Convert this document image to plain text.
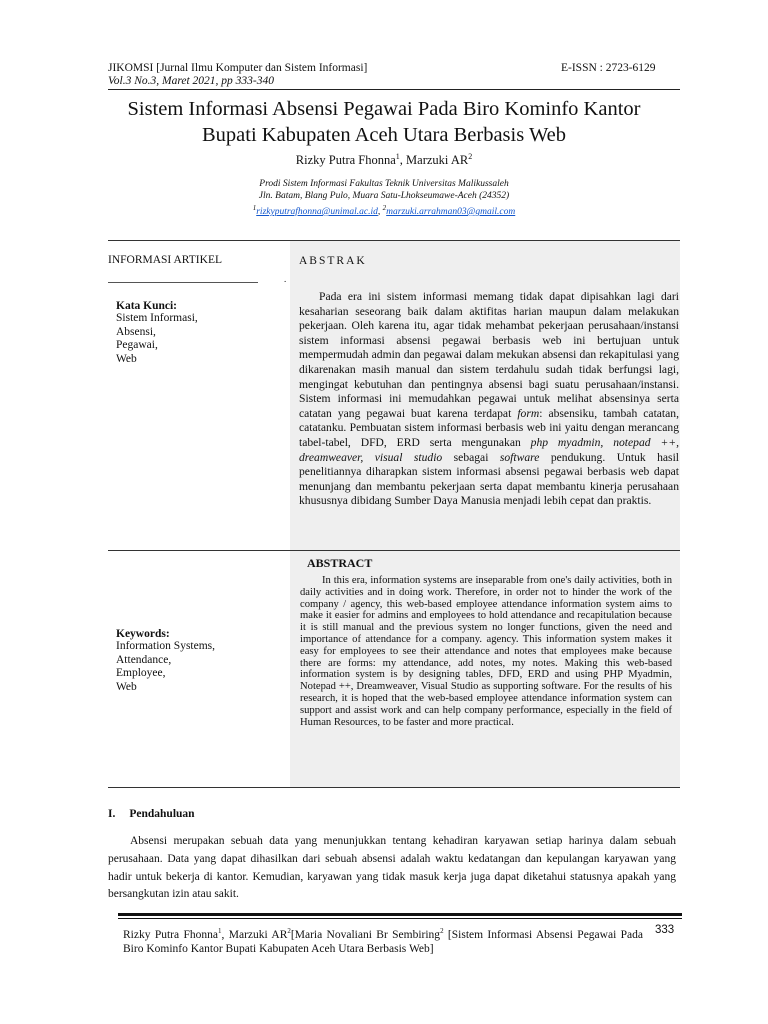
JIKOMSI [Jurnal Ilmu Komputer dan Sistem Informasi]
Vol.3 No.3, Maret 2021, pp 333-340
E-ISSN : 2723-6129
Sistem Informasi Absensi Pegawai Pada Biro Kominfo Kantor
Bupati Kabupaten Aceh Utara Berbasis Web
Rizky Putra Fhonna$^1$, Marzuki $AR^2$
Prodi Sistem Informasi Fakultas Teknik Universitas Malikussaleh
Jln. Batam, Blang Pulo, Muara Satu-Lhokseumawe-Aceh (24352)
$^1$rizkyputrafhonna@unimal.ac.id, $^2$marzuki.arrahman03@gmail.com
INFORMASI ARTIKEL	ABSTRAK
.
Kata Kunci:
Sistem Informasi,
Absensi,
Pegawai,
Web
Pada era ini sistem informasi memang tidak dapat dipisahkan lagi dari kesaharian seseorang baik dalam aktifitas harian maupun dalam melakukan pekerjaan. Oleh karena itu, agar tidak mehambat pekerjaan perusahaan/instansi sistem informasi absensi pegawai berbasis web ini bertujuan untuk mempermudah admin dan pegawai dalam mekukan absensi dan rekapitulasi yang dikarenakan masih manual dan sistem terdahulu sudah tidak berfungsi lagi, mengingat kebutuhan dan pentingnya absensi bagi suatu perusahaan/instansi. Sistem informasi ini memudahkan pegawai untuk melihat absensinya serta catatan yang pegawai buat karena terdapat form: absensiku, tambah catatan, catatanku. Pembuatan sistem informasi berbasis web ini yaitu dengan merancang tabel-tabel, DFD, ERD serta mengunakan php myadmin, notepad ++, dreamweaver, visual studio sebagai software pendukung. Untuk hasil penelitiannya diharapkan sistem informasi absensi pegawai berbasis web dapat menunjang dan membantu pekerjaan serta dapat membantu kinerja perusahaan khususnya dibidang Sumber Daya Manusia menjadi lebih cepat dan praktis.
ABSTRACT
In this era, information systems are inseparable from one's daily activities, both in daily activities and in doing work. Therefore, in order not to hinder the work of the company / agency, this web-based employee attendance information system aims to make it easier for admins and employees to hold attendance and recapitulation because it is still manual and the previous system no longer functions, given the need and importance of attendance for a company. agency. This information system makes it easy for employees to see their attendance and notes that employees make because there are forms: my attendance, add notes, my notes. Making this web-based information system is by designing tables, DFD, ERD and using PHP Myadmin, Notepad ++, Dreamweaver, Visual Studio as supporting software. For the results of his research, it is hoped that the web-based employee attendance information system can support and assist work and can help company performance, especially in the field of Human Resources, to be faster and more practical.
Keywords:
Information Systems,
Attendance,
Employee,
Web
I. Pendahuluan
Absensi merupakan sebuah data yang menunjukkan tentang kehadiran karyawan setiap harinya dalam sebuah perusahaan. Data yang dapat dihasilkan dari sebuah absensi adalah waktu kedatangan dan kepulangan karyawan yang hadir untuk bekerja di kantor. Kemudian, karyawan yang tidak masuk kerja juga dapat diketahui statusnya apakah yang bersangkutan izin atau sakit.
Rizky Putra Fhonna$^1$, Marzuki $AR^2[Maria$ Novaliani Br Sembiring$^2$ [Sistem Informasi Absensi Pegawai Pada Biro Kominfo Kantor Bupati Kabupaten Aceh Utara Berbasis Web]
333
